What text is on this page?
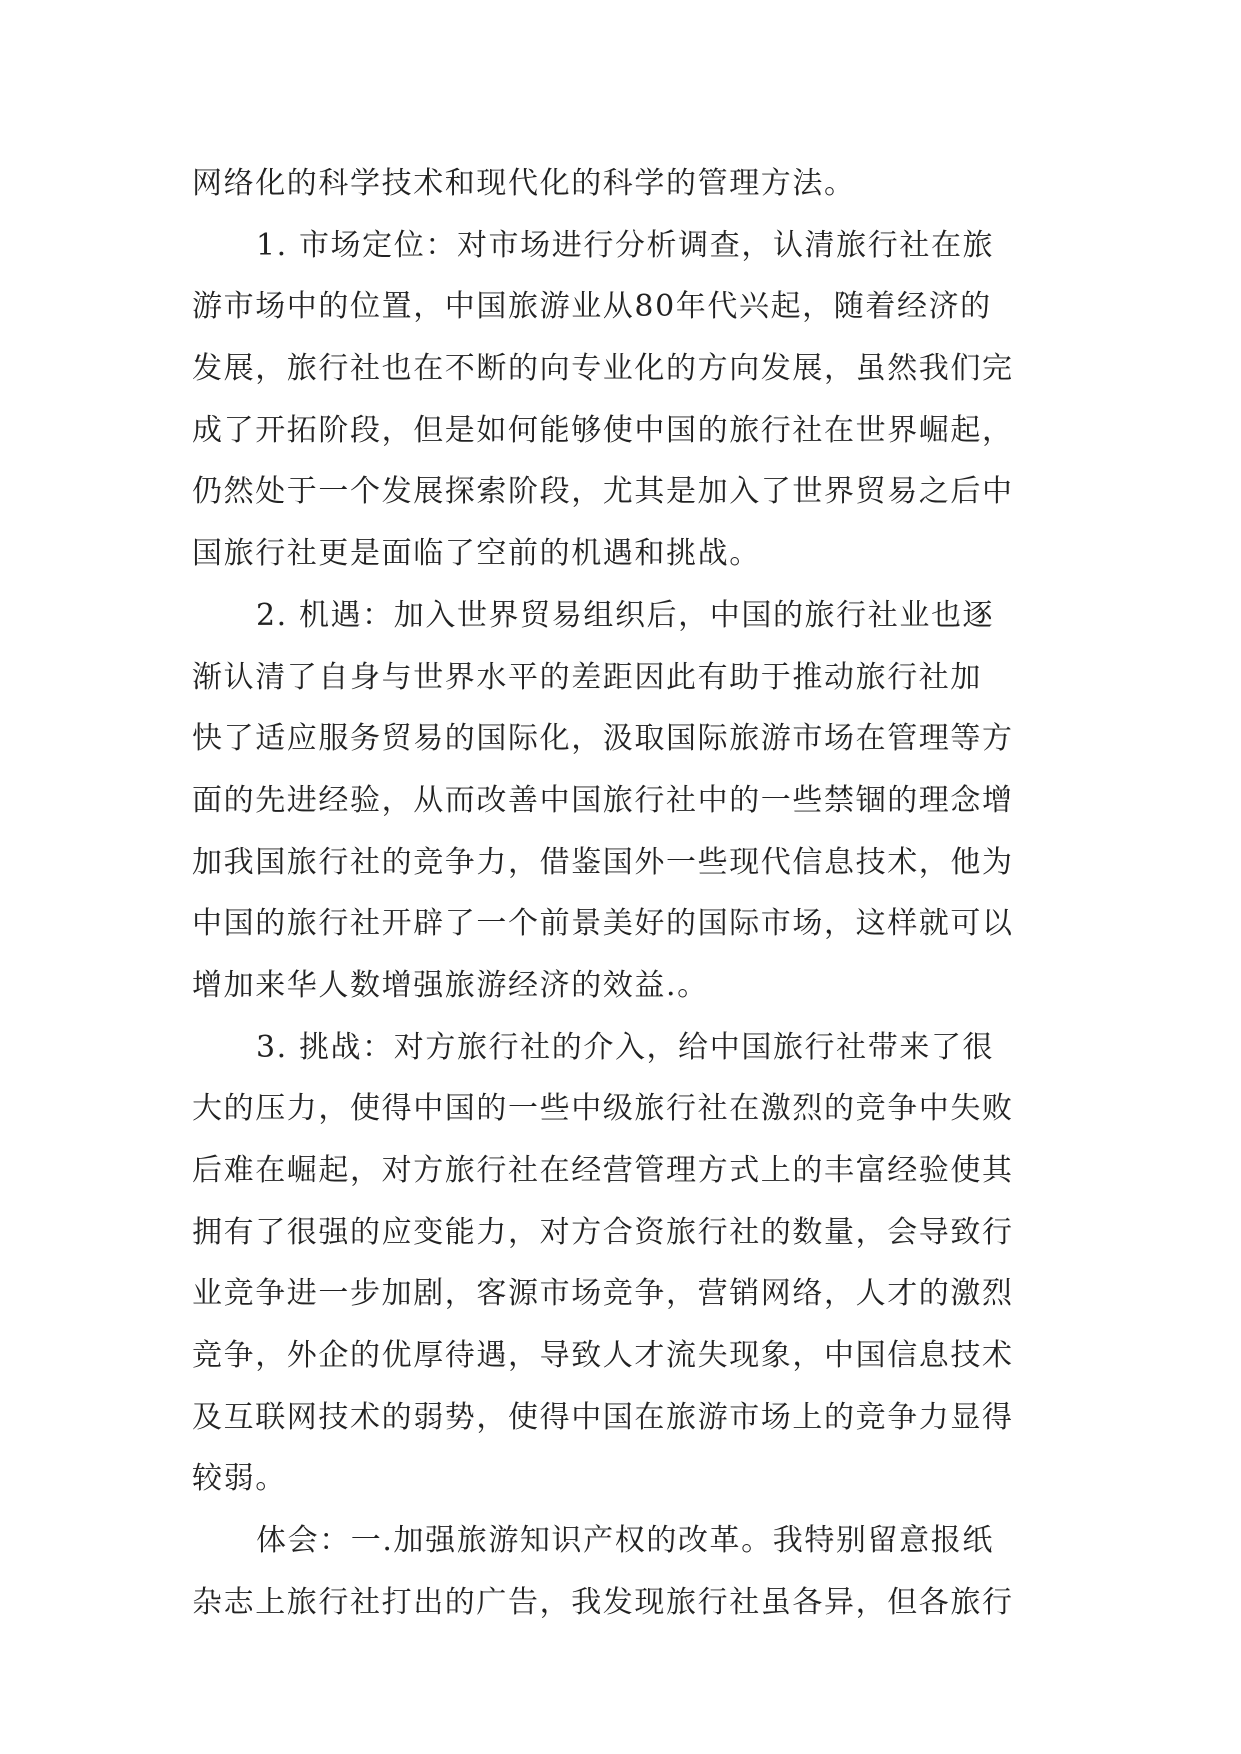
网络化的科学技术和现代化的科学的管理方法。
1. 市场定位：对市场进行分析调查，认清旅行社在旅
游市场中的位置，中国旅游业从80年代兴起，随着经济的
发展，旅行社也在不断的向专业化的方向发展，虽然我们完
成了开拓阶段，但是如何能够使中国的旅行社在世界崛起，
仍然处于一个发展探索阶段，尤其是加入了世界贸易之后中
国旅行社更是面临了空前的机遇和挑战。
2. 机遇：加入世界贸易组织后，中国的旅行社业也逐
渐认清了自身与世界水平的差距因此有助于推动旅行社加
快了适应服务贸易的国际化，汲取国际旅游市场在管理等方
面的先进经验，从而改善中国旅行社中的一些禁锢的理念增
加我国旅行社的竞争力，借鉴国外一些现代信息技术，他为
中国的旅行社开辟了一个前景美好的国际市场，这样就可以
增加来华人数增强旅游经济的效益.。
3. 挑战：对方旅行社的介入，给中国旅行社带来了很
大的压力，使得中国的一些中级旅行社在激烈的竞争中失败
后难在崛起，对方旅行社在经营管理方式上的丰富经验使其
拥有了很强的应变能力，对方合资旅行社的数量，会导致行
业竞争进一步加剧，客源市场竞争，营销网络，人才的激烈
竞争，外企的优厚待遇，导致人才流失现象，中国信息技术
及互联网技术的弱势，使得中国在旅游市场上的竞争力显得
较弱。
体会：一.加强旅游知识产权的改革。我特别留意报纸
杂志上旅行社打出的广告，我发现旅行社虽各异，但各旅行
